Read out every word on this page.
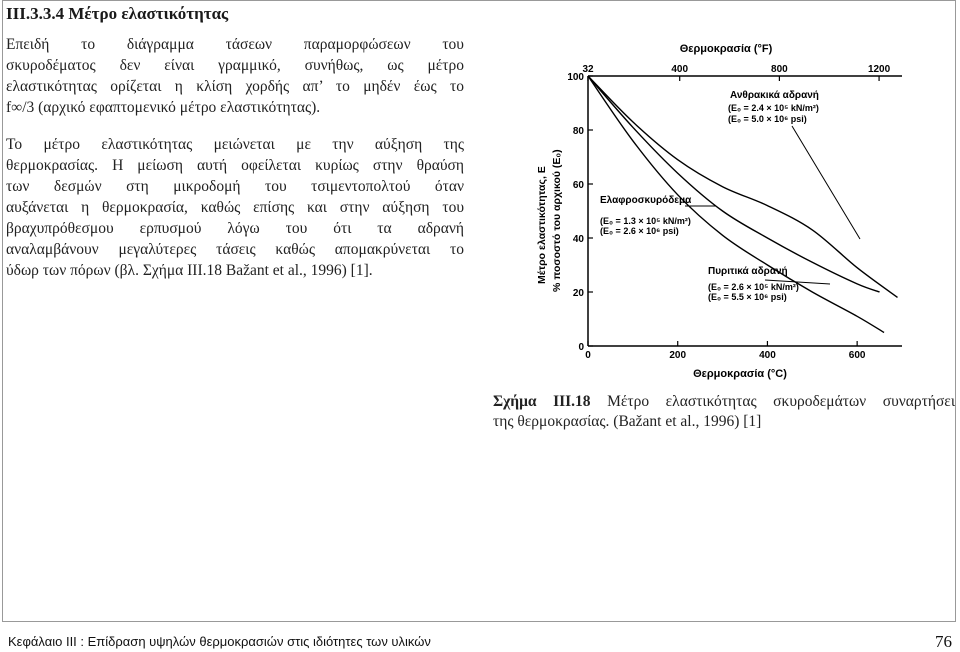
ΙΙΙ.3.3.4 Μέτρο ελαστικότητας
Επειδή το διάγραμμα τάσεων παραμορφώσεων του
σκυροδέματος δεν είναι γραμμικό, συνήθως, ως μέτρο
ελαστικότητας ορίζεται η κλίση χορδής απ’ το μηδέν έως το
f∞/3 (αρχικό εφαπτομενικό μέτρο ελαστικότητας).
Το μέτρο ελαστικότητας μειώνεται με την αύξηση της
θερμοκρασίας. Η μείωση αυτή οφείλεται κυρίως στην θραύση
των δεσμών στη μικροδομή του τσιμεντοπολτού όταν
αυξάνεται η θερμοκρασία, καθώς επίσης και στην αύξηση του
βραχυπρόθεσμου ερπυσμού λόγω του ότι τα αδρανή
αναλαμβάνουν μεγαλύτερες τάσεις καθώς απομακρύνεται το
ύδωρ των πόρων (βλ. Σχήμα ΙΙΙ.18 Bažant et al., 1996) [1].	Μέτρο ελαστικότητας, Ε % ποσοστό του αρχικού (E₀)
Θερμοκρασία (°F)
32	400	800	1200
0	200	400	600
100
80
60
40
20
0
Ανθρακικά αδρανή
(E₀ = 2.4 × 10⁵ kN/m²)
(E₀ = 5.0 × 10⁶ psi)
Ελαφροσκυρόδεμα
(E₀ = 1.3 × 10⁵ kN/m²)
(E₀ = 2.6 × 10⁶ psi)
Πυριτικά αδρανή
(E₀ = 2.6 × 10⁵ kN/m²)
(E₀ = 5.5 × 10⁶ psi)
Θερμοκρασία (°C)
Σχήμα ΙΙΙ.18 Μέτρο ελαστικότητας σκυροδεμάτων συναρτήσει
της θερμοκρασίας. (Bažant et al., 1996) [1]
Κεφάλαιο ΙΙΙ : Επίδραση υψηλών θερμοκρασιών στις ιδιότητες των υλικών	76
